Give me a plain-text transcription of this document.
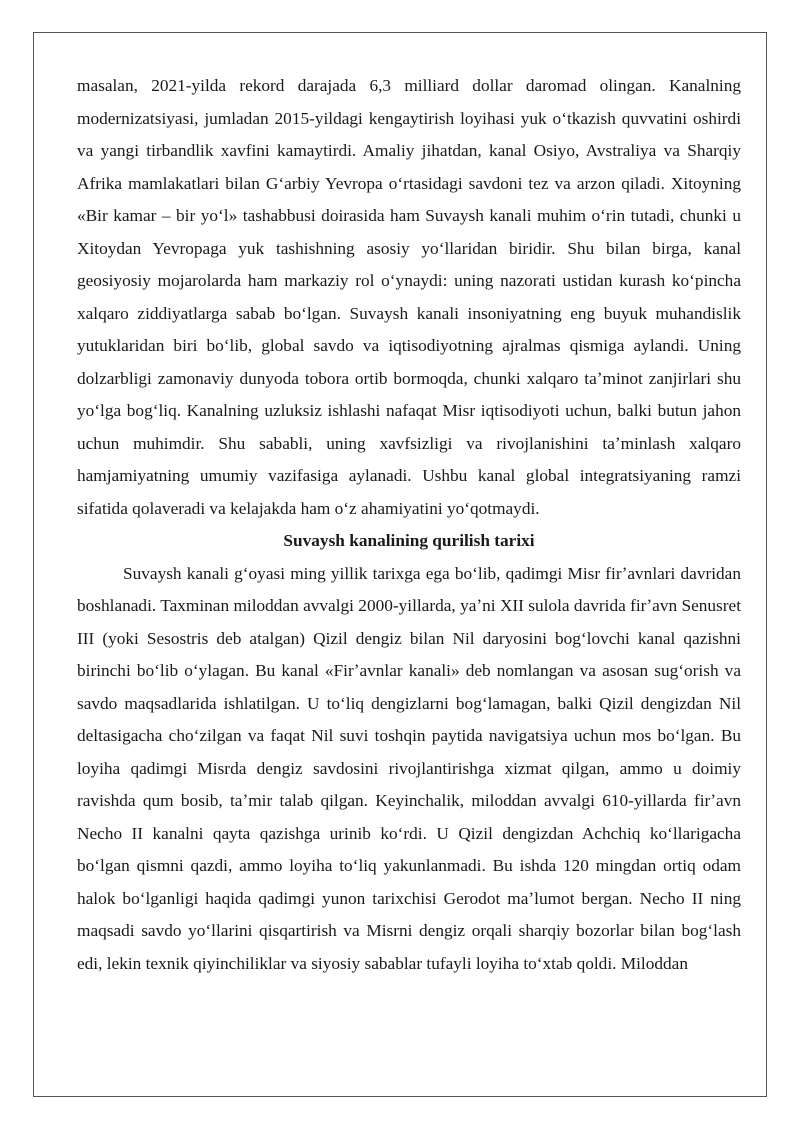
masalan, 2021-yilda rekord darajada 6,3 milliard dollar daromad olingan. Kanalning modernizatsiyasi, jumladan 2015-yildagi kengaytirish loyihasi yuk oʻtkazish quvvatini oshirdi va yangi tirbandlik xavfini kamaytirdi. Amaliy jihatdan, kanal Osiyo, Avstraliya va Sharqiy Afrika mamlakatlari bilan Gʻarbiy Yevropa oʻrtasidagi savdoni tez va arzon qiladi. Xitoyning «Bir kamar – bir yoʻl» tashabbusi doirasida ham Suvaysh kanali muhim oʻrin tutadi, chunki u Xitoydan Yevropaga yuk tashishning asosiy yoʻllaridan biridir. Shu bilan birga, kanal geosiyosiy mojarolarda ham markaziy rol oʻynaydi: uning nazorati ustidan kurash koʻpincha xalqaro ziddiyatlarga sabab boʻlgan. Suvaysh kanali insoniyatning eng buyuk muhandislik yutuklaridan biri boʻlib, global savdo va iqtisodiyotning ajralmas qismiga aylandi. Uning dolzarbligi zamonaviy dunyoda tobora ortib bormoqda, chunki xalqaro taʼminot zanjirlari shu yoʻlga bogʻliq. Kanalning uzluksiz ishlashi nafaqat Misr iqtisodiyoti uchun, balki butun jahon uchun muhimdir. Shu sababli, uning xavfsizligi va rivojlanishini taʼminlash xalqaro hamjamiyatning umumiy vazifasiga aylanadi. Ushbu kanal global integratsiyaning ramzi sifatida qolaveradi va kelajakda ham oʻz ahamiyatini yoʻqotmaydi.

Suvaysh kanalining qurilish tarixi

Suvaysh kanali gʻoyasi ming yillik tarixga ega boʻlib, qadimgi Misr firʼavnlari davridan boshlanadi. Taxminan miloddan avvalgi 2000-yillarda, yaʼni XII sulola davrida firʼavn Senusret III (yoki Sesostris deb atalgan) Qizil dengiz bilan Nil daryosini bogʻlovchi kanal qazishni birinchi boʻlib oʻylagan. Bu kanal «Firʼavnlar kanali» deb nomlangan va asosan sugʻorish va savdo maqsadlarida ishlatilgan. U toʻliq dengizlarni bogʻlamagan, balki Qizil dengizdan Nil deltasigacha choʻzilgan va faqat Nil suvi toshqin paytida navigatsiya uchun mos boʻlgan. Bu loyiha qadimgi Misrda dengiz savdosini rivojlantirishga xizmat qilgan, ammo u doimiy ravishda qum bosib, taʼmir talab qilgan. Keyinchalik, miloddan avvalgi 610-yillarda firʼavn Necho II kanalni qayta qazishga urinib koʻrdi. U Qizil dengizdan Achchiq koʻllarigacha boʻlgan qismni qazdi, ammo loyiha toʻliq yakunlanmadi. Bu ishda 120 mingdan ortiq odam halok boʻlganligi haqida qadimgi yunon tarixchisi Gerodot maʼlumot bergan. Necho II ning maqsadi savdo yoʻllarini qisqartirish va Misrni dengiz orqali sharqiy bozorlar bilan bogʻlash edi, lekin texnik qiyinchiliklar va siyosiy sabablar tufayli loyiha toʻxtab qoldi. Miloddan
